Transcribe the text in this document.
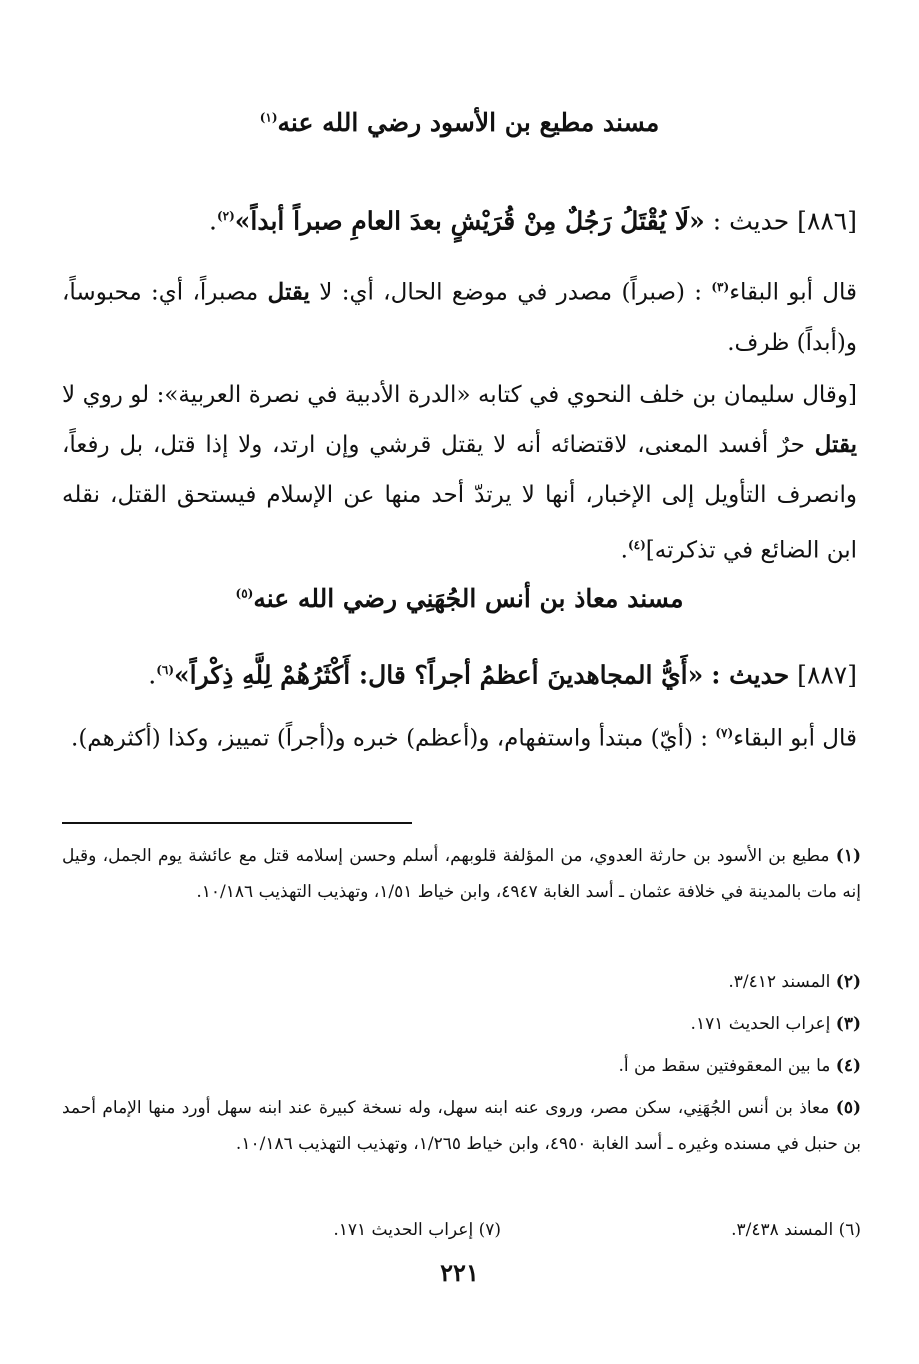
مسند مطيع بن الأسود رضي الله عنه$^{(١)}$
[٨٨٦] حديث : «لَا يُقْتَلُ رَجُلٌ مِنْ قُرَيْشٍ بعدَ العامِ صبراً أبداً»$^{(٢)}$.
قال أبو البقاء$^{(٣)}$ : (صبراً) مصدر في موضع الحال، أي: لا يقتل مصبراً، أي: محبوساً، و(أبداً) ظرف.
[وقال سليمان بن خلف النحوي في كتابه «الدرة الأدبية في نصرة العربية»: لو روي لا يقتل حرٌ أفسد المعنى، لاقتضائه أنه لا يقتل قرشي وإن ارتد، ولا إذا قتل، بل رفعاً، وانصرف التأويل إلى الإخبار، أنها لا يرتدّ أحد منها عن الإسلام فيستحق القتل، نقله ابن الضائع في تذكرته]$^{(٤)}$.
مسند معاذ بن أنس الجُهَنِي رضي الله عنه$^{(٥)}$
[٨٨٧] حديث : «أَيُّ المجاهدينَ أعظمُ أجراً؟ قال: أَكْثَرُهُمْ لِلَّهِ ذِكْراً»$^{(٦)}$.
قال أبو البقاء$^{(٧)}$ : (أيّ) مبتدأ واستفهام، و(أعظم) خبره و(أجراً) تمييز، وكذا (أكثرهم).
(١) مطيع بن الأسود بن حارثة العدوي، من المؤلفة قلوبهم، أسلم وحسن إسلامه قتل مع عائشة يوم الجمل، وقيل إنه مات بالمدينة في خلافة عثمان ـ أسد الغابة ٤٩٤٧، وابن خياط ١/٥١، وتهذيب التهذيب ١٠/١٨٦.
(٢) المسند ٣/٤١٢.
(٣) إعراب الحديث ١٧١.
(٤) ما بين المعقوفتين سقط من أ.
(٥) معاذ بن أنس الجُهَنِي، سكن مصر، وروى عنه ابنه سهل، وله نسخة كبيرة عند ابنه سهل أورد منها الإمام أحمد بن حنبل في مسنده وغيره ـ أسد الغابة ٤٩٥٠، وابن خياط ١/٢٦٥، وتهذيب التهذيب ١٠/١٨٦.
(٦) المسند ٣/٤٣٨.
(٧) إعراب الحديث ١٧١.
٢٢١
